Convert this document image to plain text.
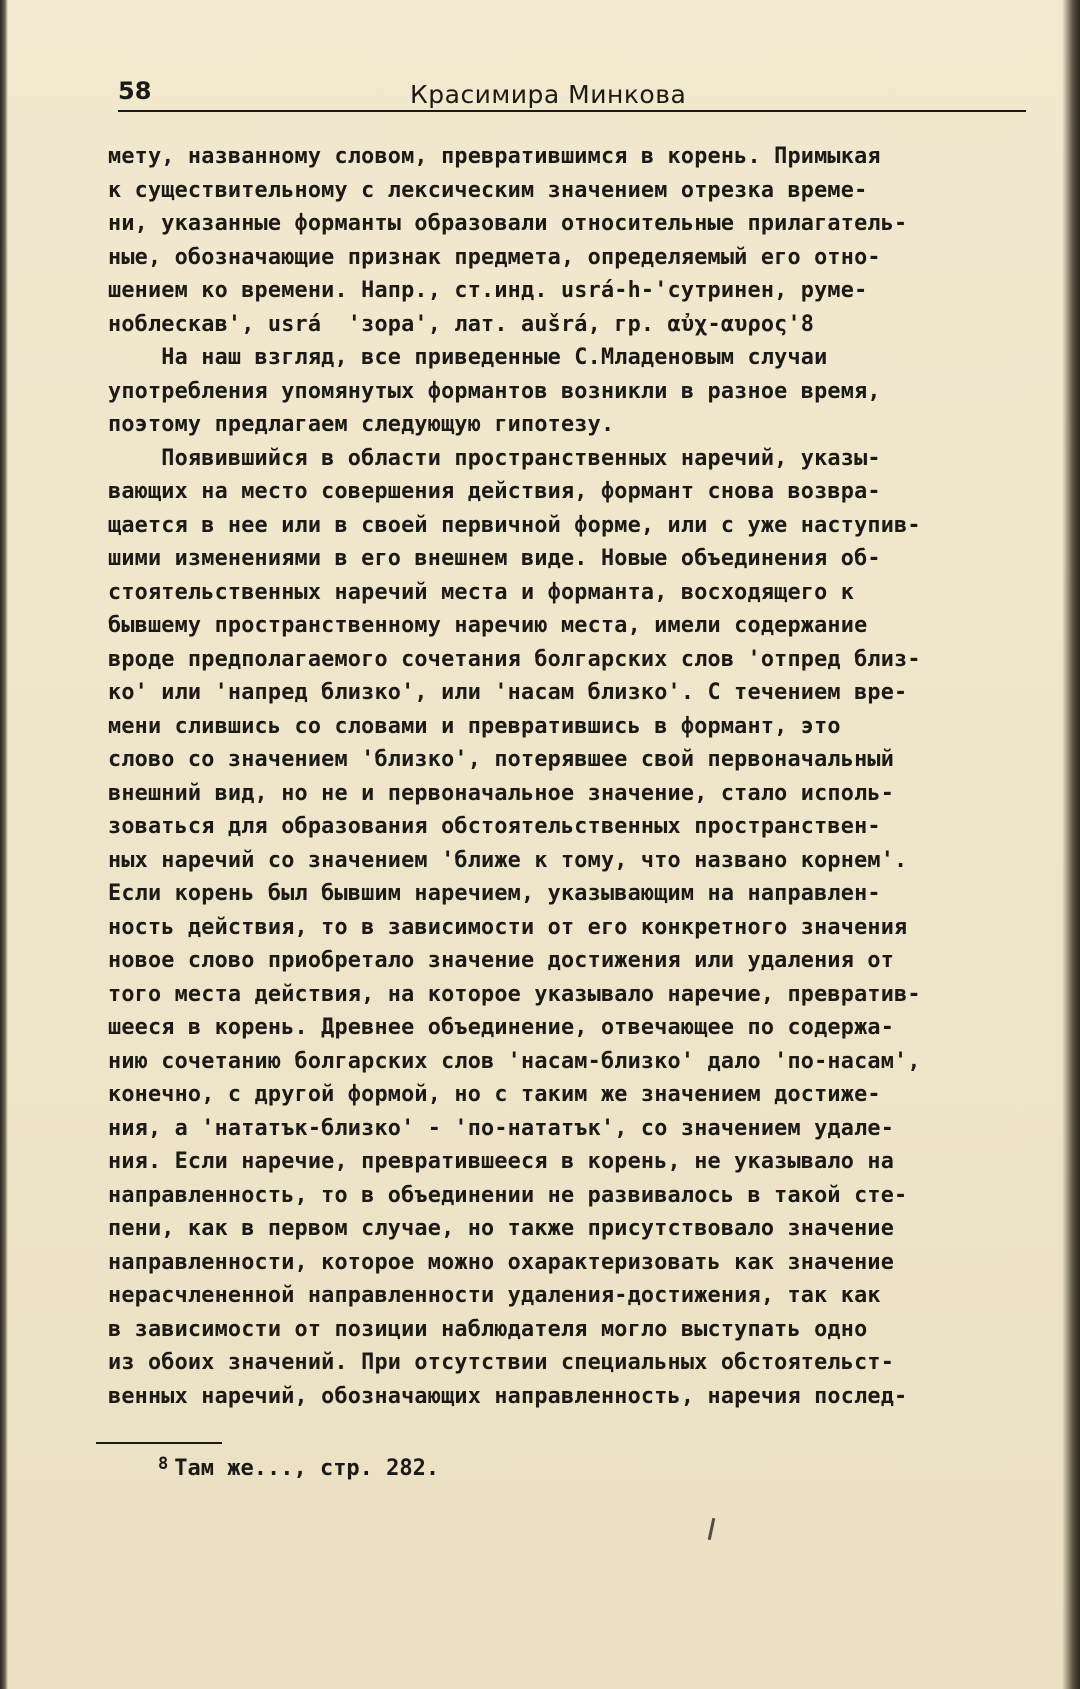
58	Красимира Минкова
мету, названному словом, превратившимся в корень. Примыкая
к существительному с лексическим значением отрезка време-
ни, указанные форманты образовали относительные прилагатель-
ные, обозначающие признак предмета, определяемый его отно-
шением ко времени. Напр., ст.инд. usrá-h-'сутринен, руме-
ноблескав', usrá  'зора', лат. aušrá, гр. αὐχ-αυρος'8
На наш взгляд, все приведенные С.Младеновым случаи
употребления упомянутых формантов возникли в разное время,
поэтому предлагаем следующую гипотезу.
Появившийся в области пространственных наречий, указы-
вающих на место совершения действия, формант снова возвра-
щается в нее или в своей первичной форме, или с уже наступив-
шими изменениями в его внешнем виде. Новые объединения об-
стоятельственных наречий места и форманта, восходящего к
бывшему пространственному наречию места, имели содержание
вроде предполагаемого сочетания болгарских слов 'отпред близ-
ко' или 'напред близко', или 'насам близко'. С течением вре-
мени слившись со словами и превратившись в формант, это
слово со значением 'близко', потерявшее свой первоначальный
внешний вид, но не и первоначальное значение, стало исполь-
зоваться для образования обстоятельственных пространствен-
ных наречий со значением 'ближе к тому, что названо корнем'.
Если корень был бывшим наречием, указывающим на направлен-
ность действия, то в зависимости от его конкретного значения
новое слово приобретало значение достижения или удаления от
того места действия, на которое указывало наречие, превратив-
шееся в корень. Древнее объединение, отвечающее по содержа-
нию сочетанию болгарских слов 'насам-близко' дало 'по-насам',
конечно, с другой формой, но с таким же значением достиже-
ния, а 'нататък-близко' - 'по-нататък', со значением удале-
ния. Если наречие, превратившееся в корень, не указывало на
направленность, то в объединении не развивалось в такой сте-
пени, как в первом случае, но также присутствовало значение
направленности, которое можно охарактеризовать как значение
нерасчлененной направленности удаления-достижения, так как
в зависимости от позиции наблюдателя могло выступать одно
из обоих значений. При отсутствии специальных обстоятельст-
венных наречий, обозначающих направленность, наречия послед-
$^8$ Там же..., стр. 282.
